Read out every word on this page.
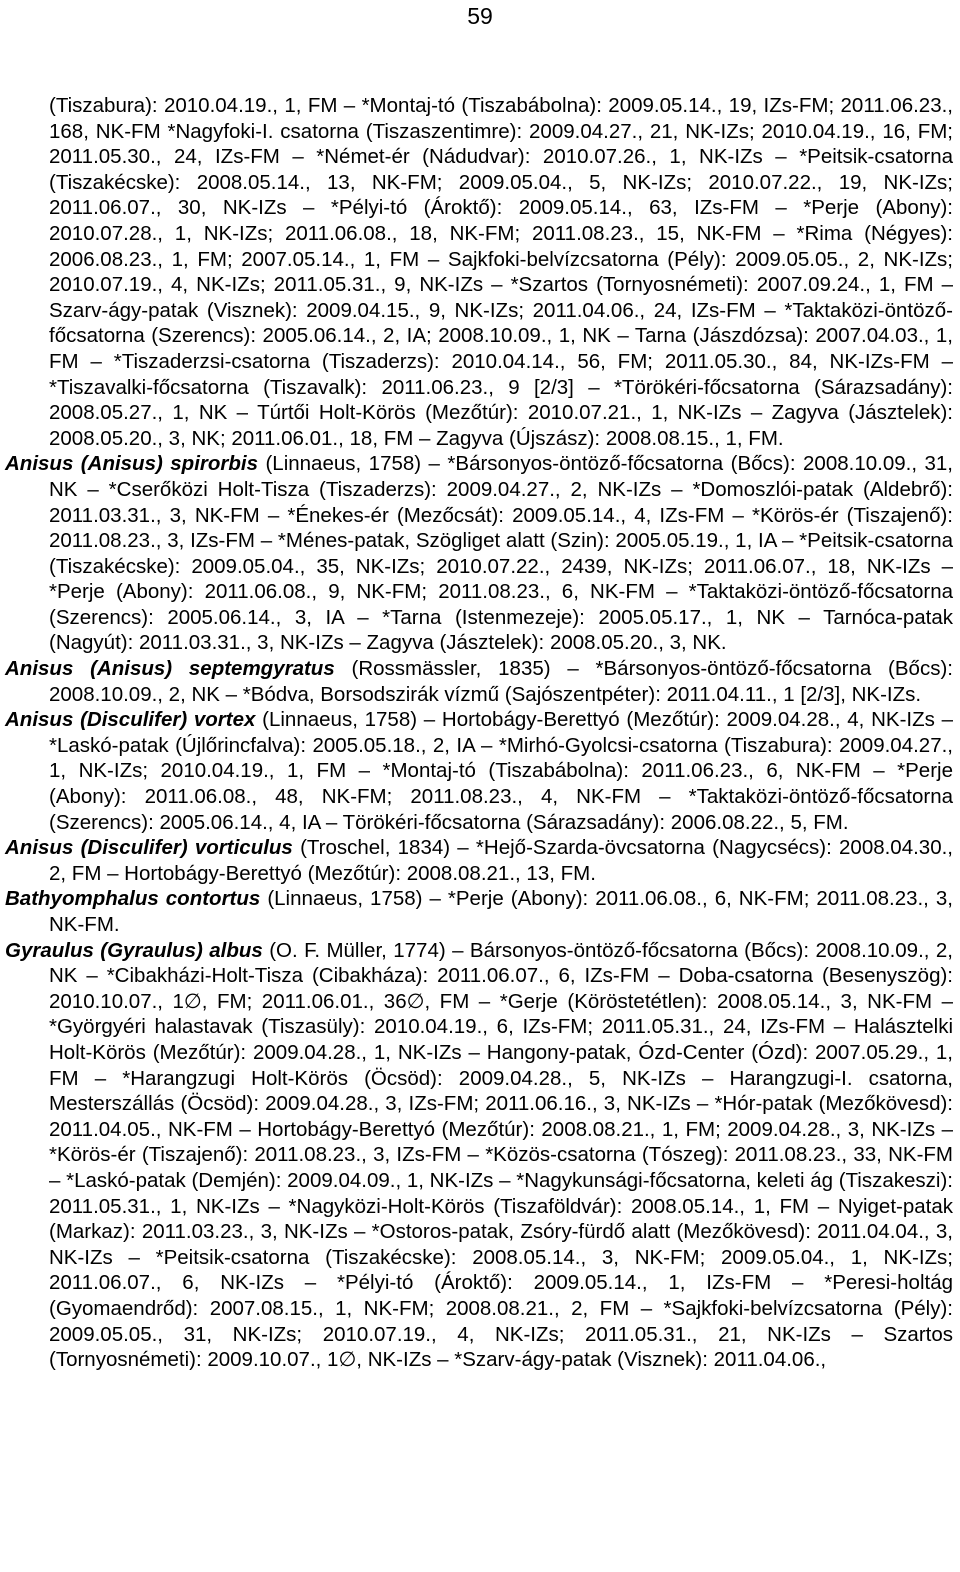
59

(Tiszabura): 2010.04.19., 1, FM – *Montaj-tó (Tiszabábolna): 2009.05.14., 19, IZs-FM; 2011.06.23., 168, NK-FM *Nagyfoki-I. csatorna (Tiszaszentimre): 2009.04.27., 21, NK-IZs; 2010.04.19., 16, FM; 2011.05.30., 24, IZs-FM – *Német-ér (Nádudvar): 2010.07.26., 1, NK-IZs – *Peitsik-csatorna (Tiszakécske): 2008.05.14., 13, NK-FM; 2009.05.04., 5, NK-IZs; 2010.07.22., 19, NK-IZs; 2011.06.07., 30, NK-IZs – *Pélyi-tó (Ároktő): 2009.05.14., 63, IZs-FM – *Perje (Abony): 2010.07.28., 1, NK-IZs; 2011.06.08., 18, NK-FM; 2011.08.23., 15, NK-FM – *Rima (Négyes): 2006.08.23., 1, FM; 2007.05.14., 1, FM – Sajkfoki-belvízcsatorna (Pély): 2009.05.05., 2, NK-IZs; 2010.07.19., 4, NK-IZs; 2011.05.31., 9, NK-IZs – *Szartos (Tornyosnémeti): 2007.09.24., 1, FM – Szarv-ágy-patak (Visznek): 2009.04.15., 9, NK-IZs; 2011.04.06., 24, IZs-FM – *Taktaközi-öntöző-főcsatorna (Szerencs): 2005.06.14., 2, IA; 2008.10.09., 1, NK – Tarna (Jászdózsa): 2007.04.03., 1, FM – *Tiszaderzsi-csatorna (Tiszaderzs): 2010.04.14., 56, FM; 2011.05.30., 84, NK-IZs-FM – *Tiszavalki-főcsatorna (Tiszavalk): 2011.06.23., 9 [2/3] – *Törökéri-főcsatorna (Sárazsadány): 2008.05.27., 1, NK – Túrtői Holt-Körös (Mezőtúr): 2010.07.21., 1, NK-IZs – Zagyva (Jásztelek): 2008.05.20., 3, NK; 2011.06.01., 18, FM – Zagyva (Újszász): 2008.08.15., 1, FM.

Anisus (Anisus) spirorbis (Linnaeus, 1758) – *Bársonyos-öntöző-főcsatorna (Bőcs): 2008.10.09., 31, NK – *Cserőközi Holt-Tisza (Tiszaderzs): 2009.04.27., 2, NK-IZs – *Domoszlói-patak (Aldebrő): 2011.03.31., 3, NK-FM – *Énekes-ér (Mezőcsát): 2009.05.14., 4, IZs-FM – *Körös-ér (Tiszajenő): 2011.08.23., 3, IZs-FM – *Ménes-patak, Szögliget alatt (Szin): 2005.05.19., 1, IA – *Peitsik-csatorna (Tiszakécske): 2009.05.04., 35, NK-IZs; 2010.07.22., 2439, NK-IZs; 2011.06.07., 18, NK-IZs – *Perje (Abony): 2011.06.08., 9, NK-FM; 2011.08.23., 6, NK-FM – *Taktaközi-öntöző-főcsatorna (Szerencs): 2005.06.14., 3, IA – *Tarna (Istenmezeje): 2005.05.17., 1, NK – Tarnóca-patak (Nagyút): 2011.03.31., 3, NK-IZs – Zagyva (Jásztelek): 2008.05.20., 3, NK.

Anisus (Anisus) septemgyratus (Rossmässler, 1835) – *Bársonyos-öntöző-főcsatorna (Bőcs): 2008.10.09., 2, NK – *Bódva, Borsodszirák vízmű (Sajószentpéter): 2011.04.11., 1 [2/3], NK-IZs.

Anisus (Disculifer) vortex (Linnaeus, 1758) – Hortobágy-Berettyó (Mezőtúr): 2009.04.28., 4, NK-IZs – *Laskó-patak (Újlőrincfalva): 2005.05.18., 2, IA – *Mirhó-Gyolcsi-csatorna (Tiszabura): 2009.04.27., 1, NK-IZs; 2010.04.19., 1, FM – *Montaj-tó (Tiszabábolna): 2011.06.23., 6, NK-FM – *Perje (Abony): 2011.06.08., 48, NK-FM; 2011.08.23., 4, NK-FM – *Taktaközi-öntöző-főcsatorna (Szerencs): 2005.06.14., 4, IA – Törökéri-főcsatorna (Sárazsadány): 2006.08.22., 5, FM.

Anisus (Disculifer) vorticulus (Troschel, 1834) – *Hejő-Szarda-övcsatorna (Nagycsécs): 2008.04.30., 2, FM – Hortobágy-Berettyó (Mezőtúr): 2008.08.21., 13, FM.

Bathyomphalus contortus (Linnaeus, 1758) – *Perje (Abony): 2011.06.08., 6, NK-FM; 2011.08.23., 3, NK-FM.

Gyraulus (Gyraulus) albus (O. F. Müller, 1774) – Bársonyos-öntöző-főcsatorna (Bőcs): 2008.10.09., 2, NK – *Cibakházi-Holt-Tisza (Cibakháza): 2011.06.07., 6, IZs-FM – Doba-csatorna (Besenyszög): 2010.10.07., 1∅, FM; 2011.06.01., 36∅, FM – *Gerje (Köröstetétlen): 2008.05.14., 3, NK-FM – *Györgyéri halastavak (Tiszasüly): 2010.04.19., 6, IZs-FM; 2011.05.31., 24, IZs-FM – Halásztelki Holt-Körös (Mezőtúr): 2009.04.28., 1, NK-IZs – Hangony-patak, Ózd-Center (Ózd): 2007.05.29., 1, FM – *Harangzugi Holt-Körös (Öcsöd): 2009.04.28., 5, NK-IZs – Harangzugi-I. csatorna, Mesterszállás (Öcsöd): 2009.04.28., 3, IZs-FM; 2011.06.16., 3, NK-IZs – *Hór-patak (Mezőkövesd): 2011.04.05., NK-FM – Hortobágy-Berettyó (Mezőtúr): 2008.08.21., 1, FM; 2009.04.28., 3, NK-IZs – *Körös-ér (Tiszajenő): 2011.08.23., 3, IZs-FM – *Közös-csatorna (Tószeg): 2011.08.23., 33, NK-FM – *Laskó-patak (Demjén): 2009.04.09., 1, NK-IZs – *Nagykunsági-főcsatorna, keleti ág (Tiszakeszi): 2011.05.31., 1, NK-IZs – *Nagyközi-Holt-Körös (Tiszaföldvár): 2008.05.14., 1, FM – Nyiget-patak (Markaz): 2011.03.23., 3, NK-IZs – *Ostoros-patak, Zsóry-fürdő alatt (Mezőkövesd): 2011.04.04., 3, NK-IZs – *Peitsik-csatorna (Tiszakécske): 2008.05.14., 3, NK-FM; 2009.05.04., 1, NK-IZs; 2011.06.07., 6, NK-IZs – *Pélyi-tó (Ároktő): 2009.05.14., 1, IZs-FM – *Peresi-holtág (Gyomaendrőd): 2007.08.15., 1, NK-FM; 2008.08.21., 2, FM – *Sajkfoki-belvízcsatorna (Pély): 2009.05.05., 31, NK-IZs; 2010.07.19., 4, NK-IZs; 2011.05.31., 21, NK-IZs – Szartos (Tornyosnémeti): 2009.10.07., 1∅, NK-IZs – *Szarv-ágy-patak (Visznek): 2011.04.06.,
